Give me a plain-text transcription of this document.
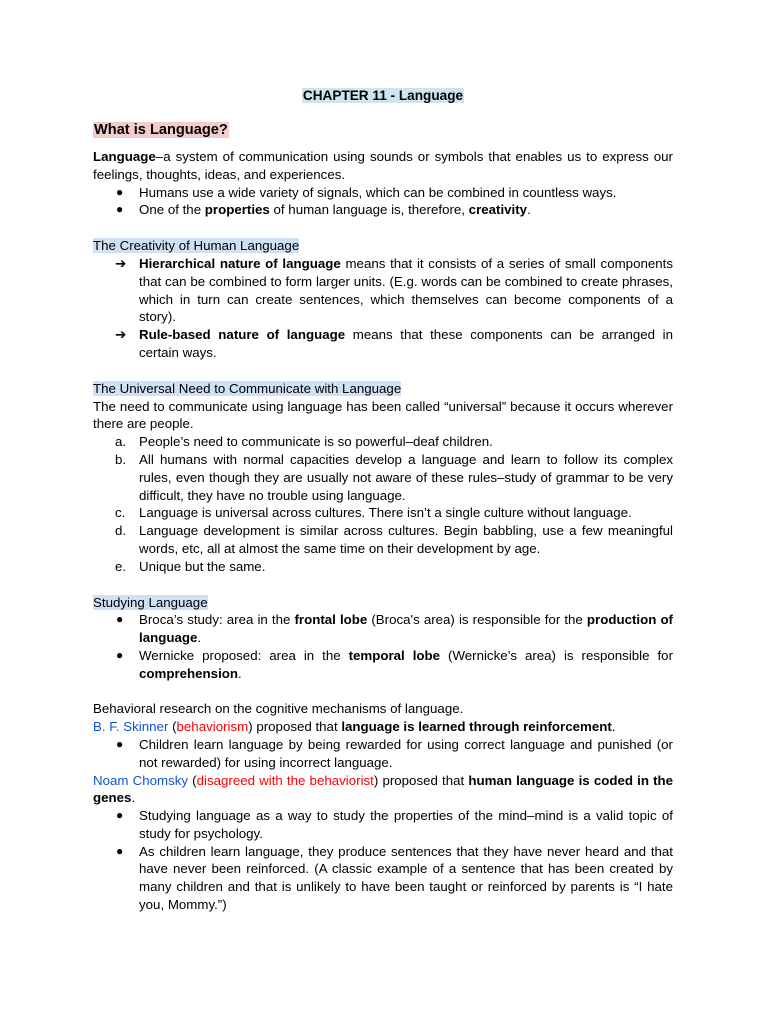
CHAPTER 11 - Language

What is Language?

Language–a system of communication using sounds or symbols that enables us to express our feelings, thoughts, ideas, and experiences.

● Humans use a wide variety of signals, which can be combined in countless ways.
● One of the properties of human language is, therefore, creativity.

The Creativity of Human Language

➔ Hierarchical nature of language means that it consists of a series of small components that can be combined to form larger units. (E.g. words can be combined to create phrases, which in turn can create sentences, which themselves can become components of a story).
➔ Rule-based nature of language means that these components can be arranged in certain ways.

The Universal Need to Communicate with Language

The need to communicate using language has been called “universal” because it occurs wherever there are people.

a. People’s need to communicate is so powerful–deaf children.
b. All humans with normal capacities develop a language and learn to follow its complex rules, even though they are usually not aware of these rules–study of grammar to be very difficult, they have no trouble using language.
c. Language is universal across cultures. There isn’t a single culture without language.
d. Language development is similar across cultures. Begin babbling, use a few meaningful words, etc, all at almost the same time on their development by age.
e. Unique but the same.

Studying Language

● Broca’s study: area in the frontal lobe (Broca's area) is responsible for the production of language.
● Wernicke proposed: area in the temporal lobe (Wernicke’s area) is responsible for comprehension.

Behavioral research on the cognitive mechanisms of language.

B. F. Skinner (behaviorism) proposed that language is learned through reinforcement.

● Children learn language by being rewarded for using correct language and punished (or not rewarded) for using incorrect language.

Noam Chomsky (disagreed with the behaviorist) proposed that human language is coded in the genes.

● Studying language as a way to study the properties of the mind–mind is a valid topic of study for psychology.
● As children learn language, they produce sentences that they have never heard and that have never been reinforced. (A classic example of a sentence that has been created by many children and that is unlikely to have been taught or reinforced by parents is “I hate you, Mommy.”)
